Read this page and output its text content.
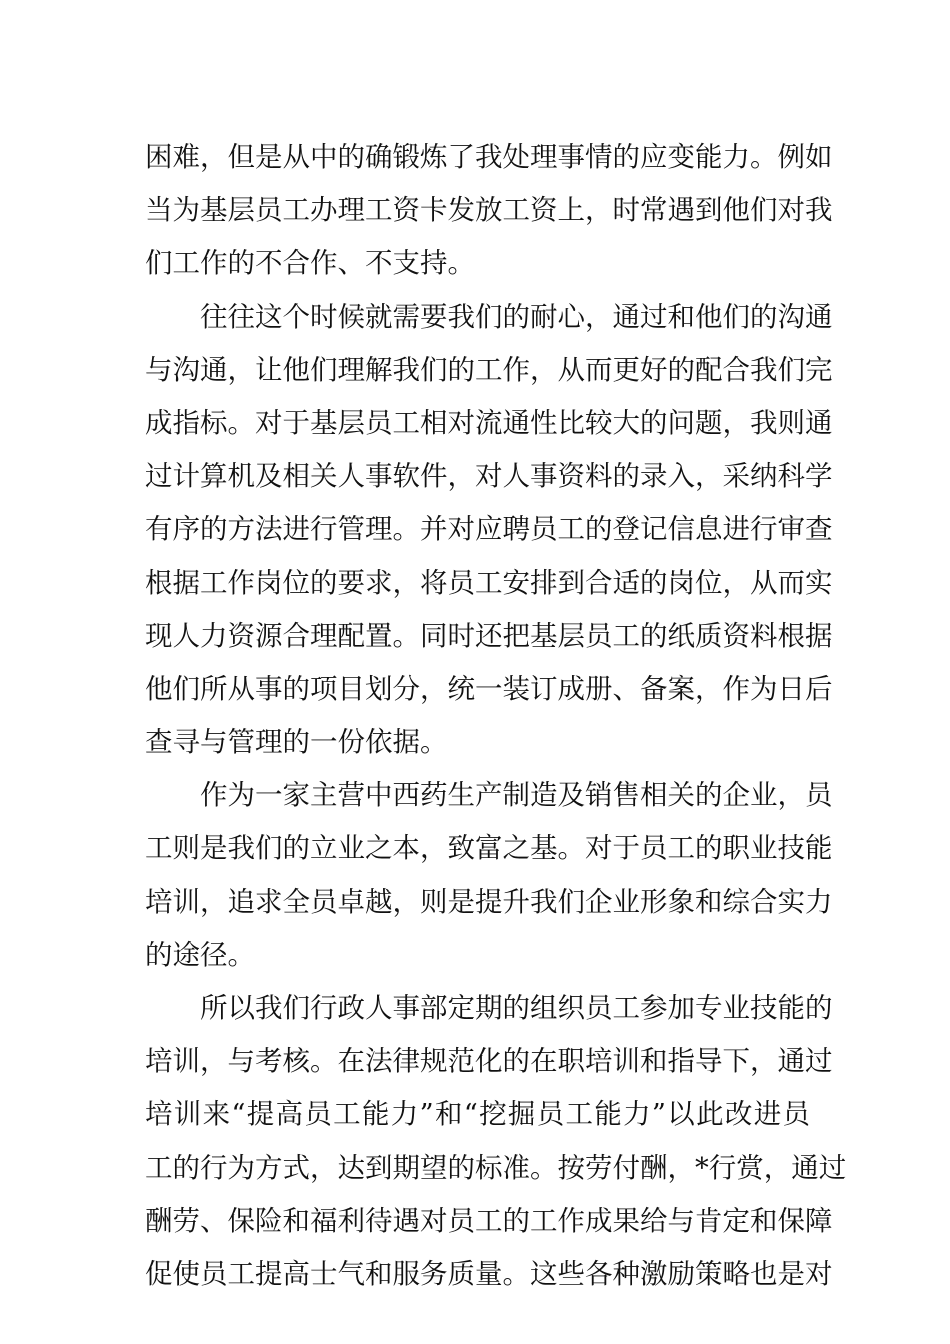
困难，但是从中的确锻炼了我处理事情的应变能力。例如
当为基层员工办理工资卡发放工资上，时常遇到他们对我
们工作的不合作、不支持。
往往这个时候就需要我们的耐心，通过和他们的沟通
与沟通，让他们理解我们的工作，从而更好的配合我们完
成指标。对于基层员工相对流通性比较大的问题，我则通
过计算机及相关人事软件，对人事资料的录入，采纳科学
有序的方法进行管理。并对应聘员工的登记信息进行审查
根据工作岗位的要求，将员工安排到合适的岗位，从而实
现人力资源合理配置。同时还把基层员工的纸质资料根据
他们所从事的项目划分，统一装订成册、备案，作为日后
查寻与管理的一份依据。
作为一家主营中西药生产制造及销售相关的企业，员
工则是我们的立业之本，致富之基。对于员工的职业技能
培训，追求全员卓越，则是提升我们企业形象和综合实力
的途径。
所以我们行政人事部定期的组织员工参加专业技能的
培训，与考核。在法律规范化的在职培训和指导下，通过
培训来“提高员工能力”和“挖掘员工能力”以此改进员
工的行为方式，达到期望的标准。按劳付酬，*行赏，通过
酬劳、保险和福利待遇对员工的工作成果给与肯定和保障
促使员工提高士气和服务质量。这些各种激励策略也是对
